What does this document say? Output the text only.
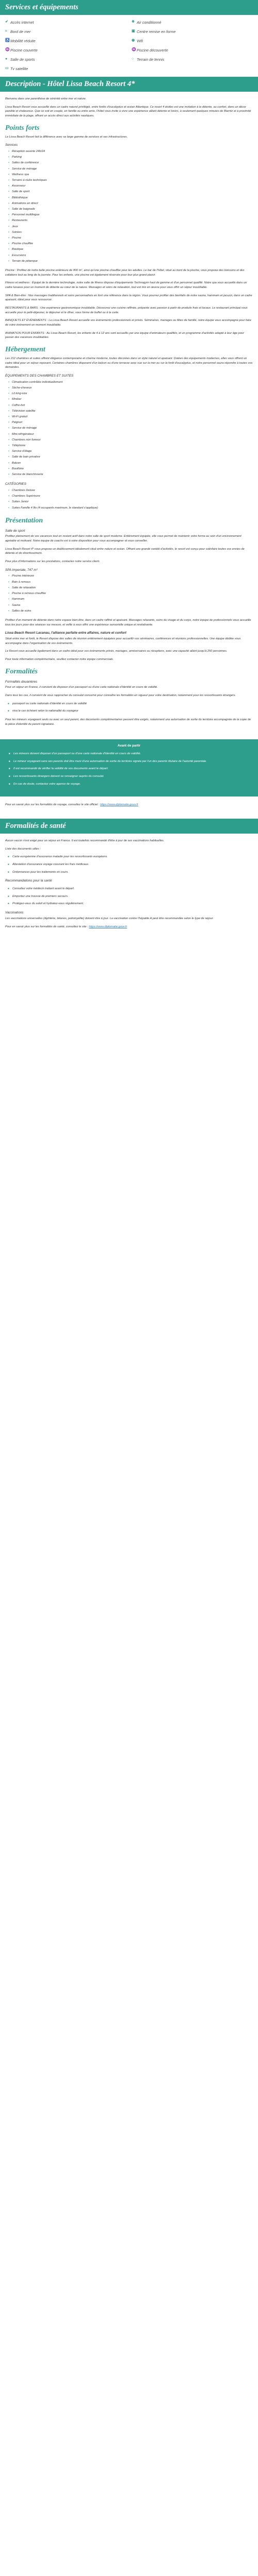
Services et équipements
✔ Accès internet	❄ Air conditionné
≈ Bord de mer	▣ Centre remise en forme
♿ Mobilité réduite	◉ Wifi
♒ Piscine couverte	♒ Piscine découverte
● Salle de sports	○ Terrain de tennis
▭ Tv satellite
Description - Hôtel Lissa Beach Resort 4*

Bienvenu dans une parenthèse de sérénité entre mer et nature.

Lissa Beach Resort vous accueille dans un cadre naturel privilégié, entre forêts d'eucalyptus et océan Atlantique. Ce resort 4 étoiles est une invitation à la détente, au confort, dans un décor paisible et chaleureux. Que ce soit en couple, en famille ou entre amis, l'hôtel vous invite à vivre une expérience alliant détente et loisirs, à seulement quelques minutes de Biarritz et à proximité immédiate de la plage, offrant un accès direct aux activités nautiques.

Points forts

Le Lissa Beach Resort fait la différence avec sa large gamme de services et ses infrastructures.

Services
• Réception ouverte 24h/24
• Parking
• Salles de conférence
• Service de ménage
• Wellness spa
• Terrains à clubs techniques
• Ascenseur
• Salle de sport
• Bibliothèque
• Animations en direct
• Salle de baignade
• Personnel multilingue
• Restaurants
• Jeux
• Soirées
• Piscine
• Piscine chauffée
• Boutique
• Excursions
• Terrain de pétanque

Piscine : Profitez de notre belle piscine extérieure de 800 m², ainsi qu'une piscine chauffée pour les adultes. Le bar de l'hôtel, situé au bord de la piscine, vous propose des boissons et des collations tout au long de la journée. Pour les enfants, une piscine est également réservée pour leur plus grand plaisir.

Fitness et wellness : Équipé de la dernière technologie, notre salle de fitness dispose d'équipements Technogym haut de gamme et d'un personnel qualifié. Notre spa vous accueille dans un cadre luxueux pour un moment de détente au cœur de la nature. Massages et soins de relaxation, tout est mis en œuvre pour vous offrir un séjour inoubliable.

SPA & Bien-être : Nos massages traditionnels et soins personnalisés en font une référence dans la région. Vous pourrez profiter des bienfaits de notre sauna, hammam et jacuzzi, dans un cadre apaisant, idéal pour vous ressourcer.

RESTAURANTS & BARS : Une expérience gastronomique inoubliable. Découvrez une cuisine raffinée, préparée avec passion à partir de produits frais et locaux. Le restaurant principal vous accueille pour le petit-déjeuner, le déjeuner et le dîner, sous forme de buffet ou à la carte.

BANQUETS ET ÉVÉNEMENTS : Le Lissa Beach Resort accueille vos événements professionnels et privés. Séminaires, mariages ou fêtes de famille, notre équipe vous accompagne pour faire de votre événement un moment inoubliable.

ANIMATION POUR ENFANTS : Au Lissa Beach Resort, les enfants de 4 à 12 ans sont accueillis par une équipe d'animateurs qualifiés, et un programme d'activités adapté à leur âge pour passer des vacances inoubliables.

Hébergement

Les 212 chambres et suites offrent élégance contemporaine et charme moderne, toutes décorées dans un style naturel et apaisant. Dotées des équipements modernes, elles vous offrent un cadre idéal pour un séjour reposant. Certaines chambres disposent d'un balcon ou d'une terrasse avec vue sur la mer ou sur la forêt d'eucalyptus, et notre personnel saura répondre à toutes vos demandes.

ÉQUIPEMENTS DES CHAMBRES ET SUITES
• Climatisation contrôlée individuellement
• Sèche-cheveux
• Lit king-size
• Minibar
• Coffre-fort
• Télévision satellite
• Wi-Fi gratuit
• Peignoir
• Service de ménage
• Mini-réfrigérateur
• Chambres non fumeur
• Téléphone
• Service d'étage
• Salle de bain privative
• Balcon
• Bouilloire
• Service de blanchisserie
CATÉGORIES
• Chambres Deluxe
• Chambres Supérieure
• Suites Junior
• Suites Famille 4 lits (4 occupants maximum, le standard s'applique)
Présentation
Salle de sport

Profitez pleinement de vos vacances tout en restant actif dans notre salle de sport moderne. Entièrement équipée, elle vous permet de maintenir votre forme au sein d'un environnement agréable et motivant. Notre équipe de coachs est à votre disposition pour vous accompagner et vous conseiller.

Lissa Beach Resort 4* vous propose un établissement idéalement situé entre nature et océan. Offrant une grande variété d'activités, le resort est conçu pour satisfaire toutes vos envies de détente et de divertissement.

Pour plus d'informations sur les prestations, contactez notre service client.

SPA Imperiale, 747 m²
• Piscine intérieure
• Bain à remous
• Salle de relaxation
• Piscine à remous chauffée
• Hammam
• Sauna
• Salles de soins

Profitez d'un moment de détente dans notre espace bien-être, dans un cadre raffiné et apaisant. Massages relaxants, soins du visage et du corps, notre équipe de professionnels vous accueille tous les jours pour des séances sur mesure, et veille à vous offrir une expérience sensorielle unique et revitalisante.

Lissa Beach Resort Lacanau, l'alliance parfaite entre affaires, nature et confort

Situé entre mer et forêt, le Resort dispose des salles de réunion entièrement équipées pour accueillir vos séminaires, conférences et réunions professionnelles. Une équipe dédiée vous accompagne dans l'organisation de vos événements.

Le Resort vous accueille également dans un cadre idéal pour vos événements privés, mariages, anniversaires ou réceptions, avec une capacité allant jusqu'à 250 personnes.

Pour toute information complémentaire, veuillez contacter notre équipe commerciale.

Formalités
Formalités douanières

Pour un séjour en France, il convient de disposer d'un passeport ou d'une carte nationale d'identité en cours de validité.

Dans tous les cas, il convient de vous rapprocher du consulat concerné pour connaître les formalités en vigueur pour votre destination, notamment pour les ressortissants étrangers.

■ passeport ou carte nationale d'identité en cours de validité
■ visa le cas échéant selon la nationalité du voyageur

Pour les mineurs voyageant seuls ou avec un seul parent, des documents complémentaires peuvent être exigés, notamment une autorisation de sortie du territoire accompagnée de la copie de la pièce d'identité du parent signataire.

Avant de partir
■ Les mineurs doivent disposer d'un passeport ou d'une carte nationale d'identité en cours de validité.
■ Le mineur voyageant sans ses parents doit être muni d'une autorisation de sortie du territoire signée par l'un des parents titulaire de l'autorité parentale.
■ Il est recommandé de vérifier la validité de vos documents avant le départ.
■ Les ressortissants étrangers doivent se renseigner auprès du consulat.
■ En cas de doute, contactez votre agence de voyage.

Pour en savoir plus sur les formalités de voyage, consultez le site officiel : https://www.diplomatie.gouv.fr

Formalités de santé

Aucun vaccin n'est exigé pour un séjour en France. Il est toutefois recommandé d'être à jour de ses vaccinations habituelles.

Liste des documents utiles :

■ Carte européenne d'assurance maladie pour les ressortissants européens.
■ Attestation d'assurance voyage couvrant les frais médicaux.
■ Ordonnances pour les traitements en cours.
Recommandations pour la santé
■ Consultez votre médecin traitant avant le départ.
■ Emportez une trousse de premiers secours.
■ Protégez-vous du soleil et hydratez-vous régulièrement.
Vaccinations

Les vaccinations universelles (diphtérie, tétanos, poliomyélite) doivent être à jour. La vaccination contre l'hépatite A peut être recommandée selon le type de séjour.

Pour en savoir plus sur les formalités de santé, consultez le site : https://www.diplomatie.gouv.fr
